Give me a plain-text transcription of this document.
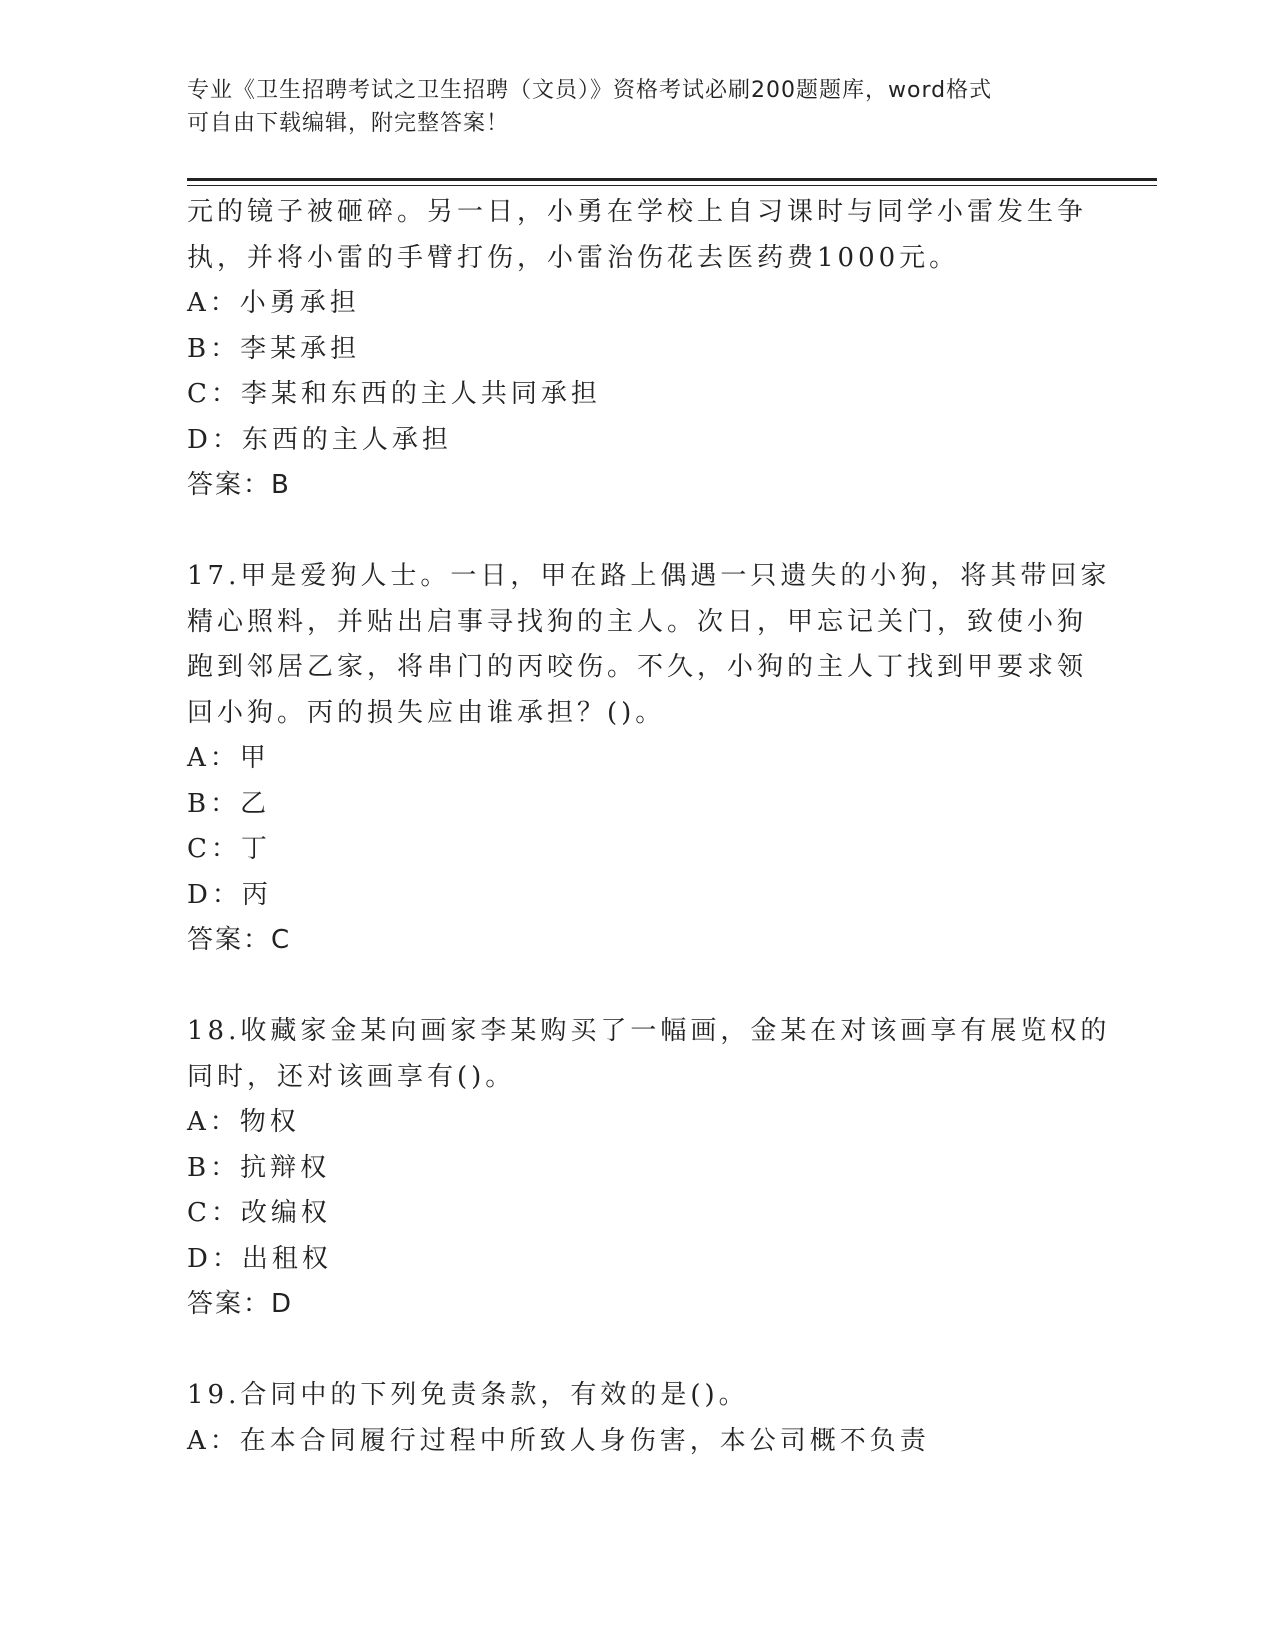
专业《卫生招聘考试之卫生招聘（文员）》资格考试必刷200题题库，word格式
可自由下载编辑，附完整答案！
元的镜子被砸碎。另一日，小勇在学校上自习课时与同学小雷发生争
执，并将小雷的手臂打伤，小雷治伤花去医药费1000元。
A：小勇承担
B：李某承担
C：李某和东西的主人共同承担
D：东西的主人承担
答案：B
17.甲是爱狗人士。一日，甲在路上偶遇一只遗失的小狗，将其带回家
精心照料，并贴出启事寻找狗的主人。次日，甲忘记关门，致使小狗
跑到邻居乙家，将串门的丙咬伤。不久，小狗的主人丁找到甲要求领
回小狗。丙的损失应由谁承担？()。
A：甲
B：乙
C：丁
D：丙
答案：C
18.收藏家金某向画家李某购买了一幅画，金某在对该画享有展览权的
同时，还对该画享有()。
A：物权
B：抗辩权
C：改编权
D：出租权
答案：D
19.合同中的下列免责条款，有效的是()。
A：在本合同履行过程中所致人身伤害，本公司概不负责
